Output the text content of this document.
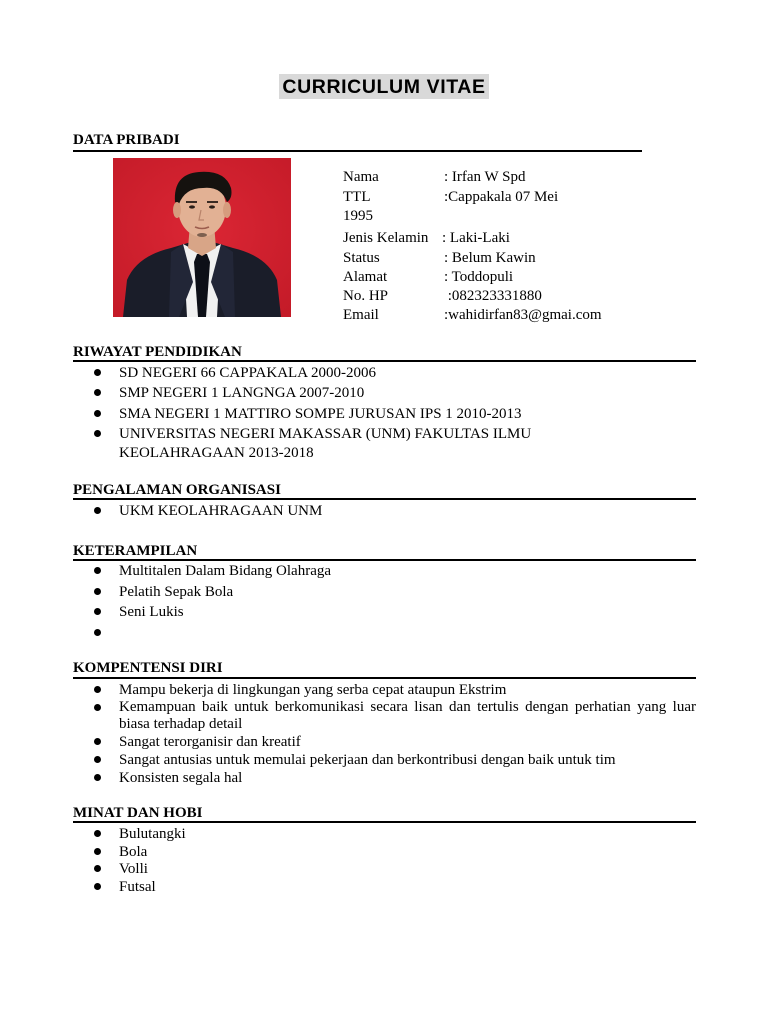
CURRICULUM VITAE
DATA PRIBADI
Nama	: Irfan W Spd
TTL	:Cappakala 07 Mei
1995
Jenis Kelamin : Laki-Laki
Status	: Belum Kawin
Alamat	: Toddopuli
No. HP	:082323331880
Email	:wahidirfan83@gmai.com
RIWAYAT PENDIDIKAN
SD NEGERI 66 CAPPAKALA 2000-2006
SMP NEGERI 1 LANGNGA 2007-2010
SMA NEGERI 1 MATTIRO SOMPE JURUSAN IPS 1 2010-2013
UNIVERSITAS NEGERI MAKASSAR (UNM) FAKULTAS ILMU
KEOLAHRAGAAN 2013-2018
PENGALAMAN ORGANISASI
UKM KEOLAHRAGAAN UNM
KETERAMPILAN
Multitalen Dalam Bidang Olahraga
Pelatih Sepak Bola
Seni Lukis
KOMPENTENSI DIRI
Mampu bekerja di lingkungan yang serba cepat ataupun Ekstrim
Kemampuan baik untuk berkomunikasi secara lisan dan tertulis dengan perhatian yang luar biasa terhadap detail
Sangat terorganisir dan kreatif
Sangat antusias untuk memulai pekerjaan dan berkontribusi dengan baik untuk tim
Konsisten segala hal
MINAT DAN HOBI
Bulutangki
Bola
Volli
Futsal
